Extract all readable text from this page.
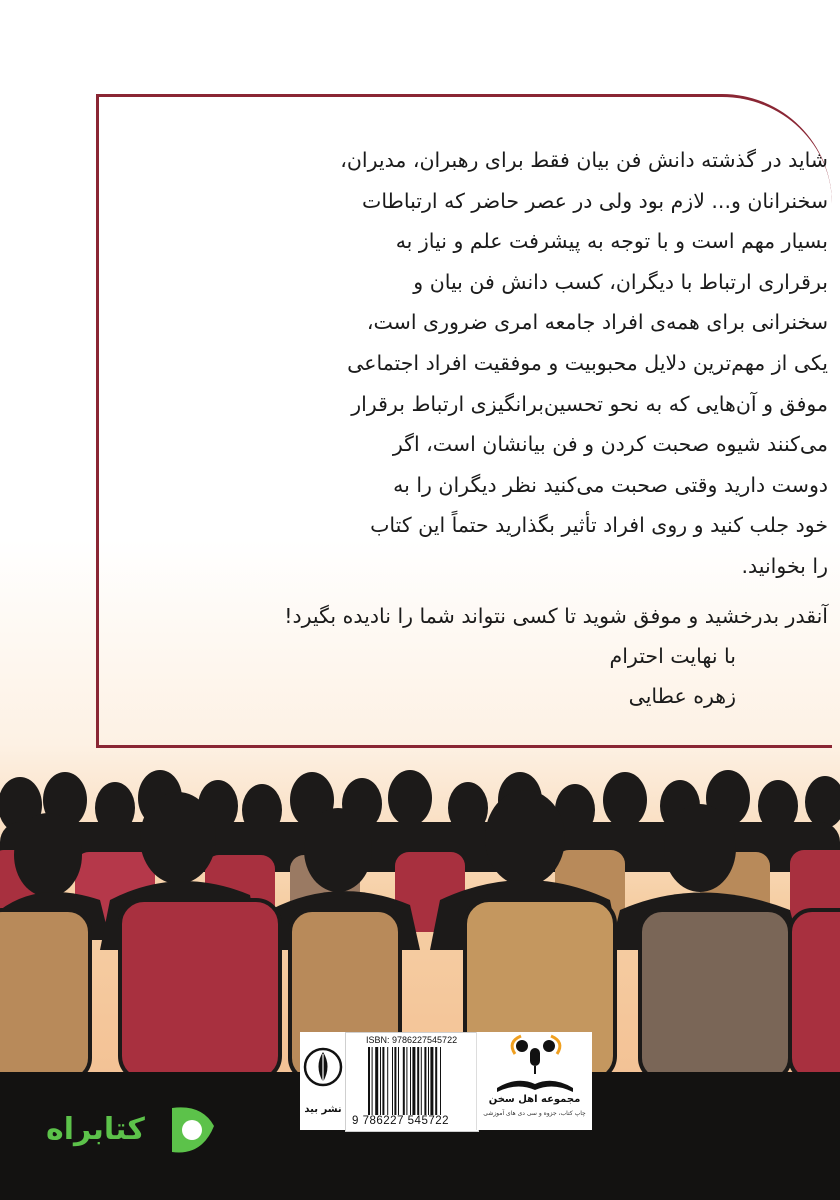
شاید در گذشته دانش فن بیان فقط برای رهبران، مدیران،

سخنرانان و... لازم بود ولی در عصر حاضر که ارتباطات

بسیار مهم است و با توجه به پیشرفت علم و نیاز به

برقراری ارتباط با دیگران، کسب دانش فن بیان و

سخنرانی برای همه‌ی افراد جامعه امری ضروری است،

یکی از مهم‌ترین دلایل محبوبیت و موفقیت افراد اجتماعی

موفق و آن‌هایی که به نحو تحسین‌برانگیزی ارتباط برقرار

می‌کنند شیوه صحبت کردن و فن بیانشان است، اگر

دوست دارید وقتی صحبت می‌کنید نظر دیگران را به

خود جلب کنید و روی افراد تأثیر بگذارید حتماً این کتاب

را بخوانید.

آنقدر بدرخشید و موفق شوید تا کسی نتواند شما را نادیده بگیرد!
با نهایت احترام
زهره عطایی
نشر بید
ISBN: 9786227545722
9 786227 545722
مجموعه اهل سخن
چاپ کتاب، جزوه و سی دی های آموزشی
کتابراه
